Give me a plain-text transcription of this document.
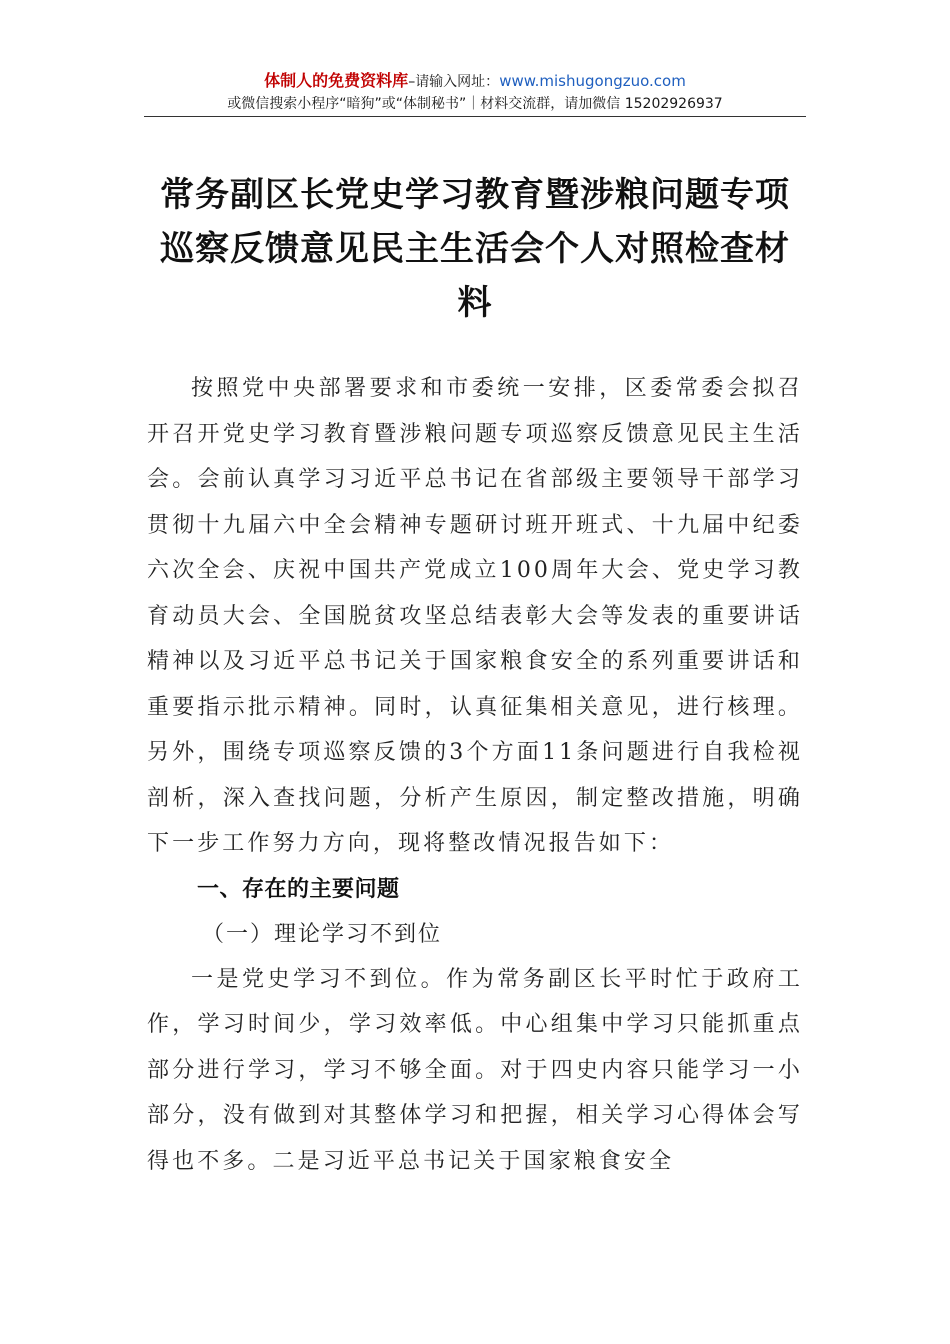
体制人的免费资料库–请输入网址：www.mishugongzuo.com
或微信搜索小程序“暗狗”或“体制秘书”｜材料交流群，请加微信 15202926937
常务副区长党史学习教育暨涉粮问题专项巡察反馈意见民主生活会个人对照检查材料

按照党中央部署要求和市委统一安排，区委常委会拟召开召开党史学习教育暨涉粮问题专项巡察反馈意见民主生活会。会前认真学习习近平总书记在省部级主要领导干部学习贯彻十九届六中全会精神专题研讨班开班式、十九届中纪委六次全会、庆祝中国共产党成立100周年大会、党史学习教育动员大会、全国脱贫攻坚总结表彰大会等发表的重要讲话精神以及习近平总书记关于国家粮食安全的系列重要讲话和重要指示批示精神。同时，认真征集相关意见，进行核理。另外，围绕专项巡察反馈的3个方面11条问题进行自我检视剖析，深入查找问题，分析产生原因，制定整改措施，明确下一步工作努力方向，现将整改情况报告如下：

一、存在的主要问题
（一）理论学习不到位

一是党史学习不到位。作为常务副区长平时忙于政府工作，学习时间少，学习效率低。中心组集中学习只能抓重点部分进行学习，学习不够全面。对于四史内容只能学习一小部分，没有做到对其整体学习和把握，相关学习心得体会写得也不多。二是习近平总书记关于国家粮食安全
